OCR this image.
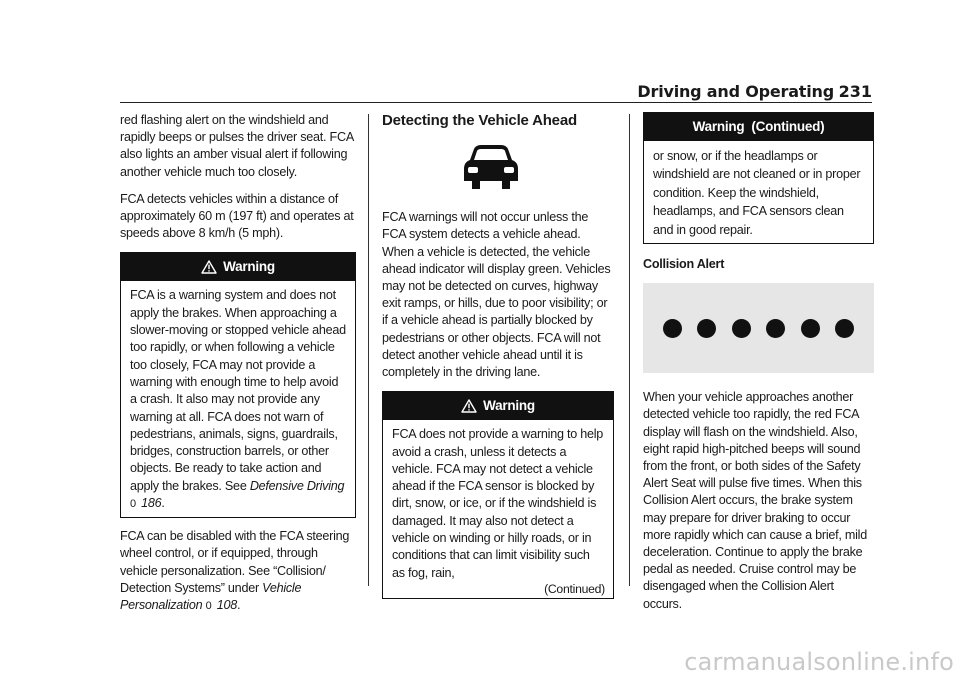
Driving and Operating 231

red flashing alert on the windshield and rapidly beeps or pulses the driver seat. FCA also lights an amber visual alert if following another vehicle much too closely.

FCA detects vehicles within a distance of approximately 60 m (197 ft) and operates at speeds above 8 km/h (5 mph).

Warning

FCA is a warning system and does not apply the brakes. When approaching a slower-moving or stopped vehicle ahead too rapidly, or when following a vehicle too closely, FCA may not provide a warning with enough time to help avoid a crash. It also may not provide any warning at all. FCA does not warn of pedestrians, animals, signs, guardrails, bridges, construction barrels, or other objects. Be ready to take action and apply the brakes. See Defensive Driving
0 186.

FCA can be disabled with the FCA steering wheel control, or if equipped, through vehicle personalization. See “Collision/ Detection Systems” under Vehicle Personalization 0 108.

Detecting the Vehicle Ahead

FCA warnings will not occur unless the FCA system detects a vehicle ahead. When a vehicle is detected, the vehicle ahead indicator will display green. Vehicles may not be detected on curves, highway exit ramps, or hills, due to poor visibility; or if a vehicle ahead is partially blocked by pedestrians or other objects. FCA will not detect another vehicle ahead until it is completely in the driving lane.

Warning

FCA does not provide a warning to help avoid a crash, unless it detects a vehicle. FCA may not detect a vehicle ahead if the FCA sensor is blocked by dirt, snow, or ice, or if the windshield is damaged. It may also not detect a vehicle on winding or hilly roads, or in conditions that can limit visibility such as fog, rain,

(Continued)
Warning  (Continued)

or snow, or if the headlamps or windshield are not cleaned or in proper condition. Keep the windshield, headlamps, and FCA sensors clean and in good repair.

Collision Alert

When your vehicle approaches another detected vehicle too rapidly, the red FCA display will flash on the windshield. Also, eight rapid high-pitched beeps will sound from the front, or both sides of the Safety Alert Seat will pulse five times. When this Collision Alert occurs, the brake system may prepare for driver braking to occur more rapidly which can cause a brief, mild deceleration. Continue to apply the brake pedal as needed. Cruise control may be disengaged when the Collision Alert occurs.

carmanualsonline.info
